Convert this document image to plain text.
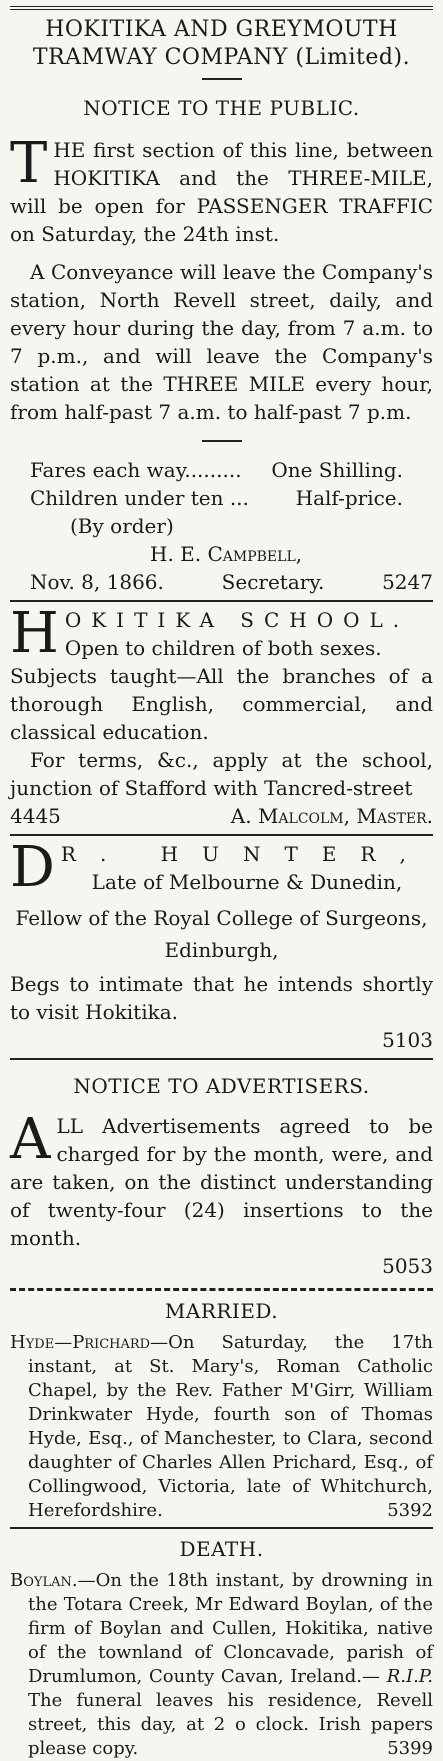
HOKITIKA AND GREYMOUTH
TRAMWAY COMPANY (Limited).
NOTICE TO THE PUBLIC.
T HE first section of this line, between HOKITIKA and the THREE-MILE, will be open for PASSENGER TRAFFIC on Saturday, the 24th inst.
A Conveyance will leave the Company's station, North Revell street, daily, and every hour during the day, from 7 a.m. to 7 p.m., and will leave the Company's station at the THREE MILE every hour, from half-past 7 a.m. to half-past 7 p.m.
Fares each way......... One Shilling.
Children under ten ... Half-price.
(By order)
H. E. Campbell,
Nov. 8, 1866.	Secretary.	5247
H OKITIKA SCHOOL.
Open to children of both sexes.
Subjects taught—All the branches of a thorough English, commercial, and classical education.
For terms, &c., apply at the school, junction of Stafford with Tancred-street
4445	A. Malcolm, Master.
D R. HUNTER,
Late of Melbourne & Dunedin,
Fellow of the Royal College of Surgeons,
Edinburgh,
Begs to intimate that he intends shortly to visit Hokitika.
5103
NOTICE TO ADVERTISERS.
A LL Advertisements agreed to be charged for by the month, were, and are taken, on the distinct understanding of twenty-four (24) insertions to the month.
5053
MARRIED.
Hyde—Prichard—On Saturday, the 17th instant, at St. Mary's, Roman Catholic Chapel, by the Rev. Father M'Girr, William Drinkwater Hyde, fourth son of Thomas Hyde, Esq., of Manchester, to Clara, second daughter of Charles Allen Prichard, Esq., of Collingwood, Victoria, late of Whitchurch, Herefordshire.	5392
DEATH.
Boylan.—On the 18th instant, by drowning in the Totara Creek, Mr Edward Boylan, of the firm of Boylan and Cullen, Hokitika, native of the townland of Cloncavade, parish of Drumlumon, County Cavan, Ireland.— R.I.P. The funeral leaves his residence, Revell street, this day, at 2 o clock. Irish papers please copy.	5399
